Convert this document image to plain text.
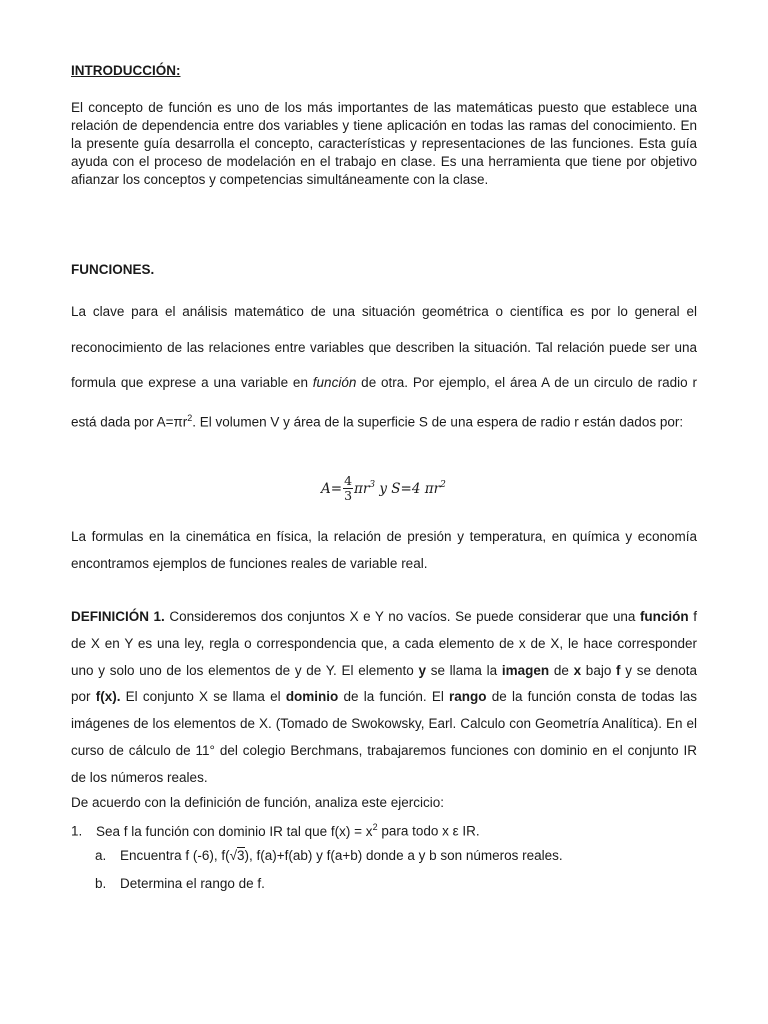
INTRODUCCIÓN:
El concepto de función es uno de los más importantes de las matemáticas puesto que establece una relación de dependencia entre dos variables y tiene aplicación en todas las ramas del conocimiento. En la presente guía desarrolla el concepto, características y representaciones de las funciones. Esta guía ayuda con el proceso de modelación en el trabajo en clase. Es una herramienta que tiene por objetivo afianzar los conceptos y competencias simultáneamente con la clase.
FUNCIONES.
La clave para el análisis matemático de una situación geométrica o científica es por lo general el reconocimiento de las relaciones entre variables que describen la situación. Tal relación puede ser una formula que exprese a una variable en función de otra. Por ejemplo, el área A de un circulo de radio r está dada por $A=\pi r^2$. El volumen V y área de la superficie S de una espera de radio r están dados por:
$A= \frac{4}{3} \pi r^3$ y S=4 $\pi r^2$
La formulas en la cinemática en física, la relación de presión y temperatura, en química y economía encontramos ejemplos de funciones reales de variable real.
DEFINICIÓN 1. Consideremos dos conjuntos X e Y no vacíos. Se puede considerar que una función f de X en Y es una ley, regla o correspondencia que, a cada elemento de x de X, le hace corresponder uno y solo uno de los elementos de y de Y. El elemento y se llama la imagen de x bajo f y se denota por f(x). El conjunto X se llama el dominio de la función. El rango de la función consta de todas las imágenes de los elementos de X. (Tomado de Swokowsky, Earl. Calculo con Geometría Analítica). En el curso de cálculo de 11° del colegio Berchmans, trabajaremos funciones con dominio en el conjunto IR de los números reales.
De acuerdo con la definición de función, analiza este ejercicio:
1. Sea f la función con dominio IR tal que $f(x) = x^2$ para todo x ε IR.
a. Encuentra f (-6), f(√3), f(a)+f(ab) y f(a+b) donde a y b son números reales.
b. Determina el rango de f.
